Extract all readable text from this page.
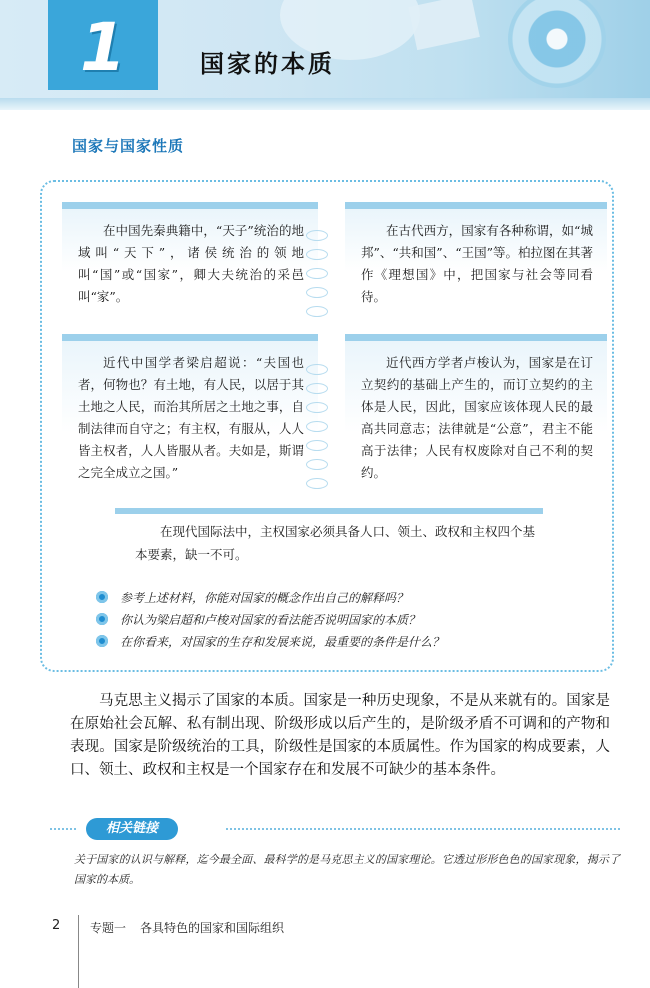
1	国家的本质
国家与国家性质
在中国先秦典籍中，“天子”统治的地域叫“天下”，诸侯统治的领地叫“国”或“国家”，卿大夫统治的采邑叫“家”。
在古代西方，国家有各种称谓，如“城邦”、“共和国”、“王国”等。柏拉图在其著作《理想国》中，把国家与社会等同看待。
近代中国学者梁启超说：“夫国也者，何物也？有土地，有人民，以居于其土地之人民，而治其所居之土地之事，自制法律而自守之；有主权，有服从，人人皆主权者，人人皆服从者。夫如是，斯谓之完全成立之国。”
近代西方学者卢梭认为，国家是在订立契约的基础上产生的，而订立契约的主体是人民，因此，国家应该体现人民的最高共同意志；法律就是“公意”，君主不能高于法律；人民有权废除对自己不利的契约。
在现代国际法中，主权国家必须具备人口、领土、政权和主权四个基本要素，缺一不可。
参考上述材料，你能对国家的概念作出自己的解释吗？
你认为梁启超和卢梭对国家的看法能否说明国家的本质？
在你看来，对国家的生存和发展来说，最重要的条件是什么？
马克思主义揭示了国家的本质。国家是一种历史现象，不是从来就有的。国家是在原始社会瓦解、私有制出现、阶级形成以后产生的，是阶级矛盾不可调和的产物和表现。国家是阶级统治的工具，阶级性是国家的本质属性。作为国家的构成要素，人口、领土、政权和主权是一个国家存在和发展不可缺少的基本条件。
相关链接
关于国家的认识与解释，迄今最全面、最科学的是马克思主义的国家理论。它透过形形色色的国家现象，揭示了国家的本质。
2 专题一 各具特色的国家和国际组织
